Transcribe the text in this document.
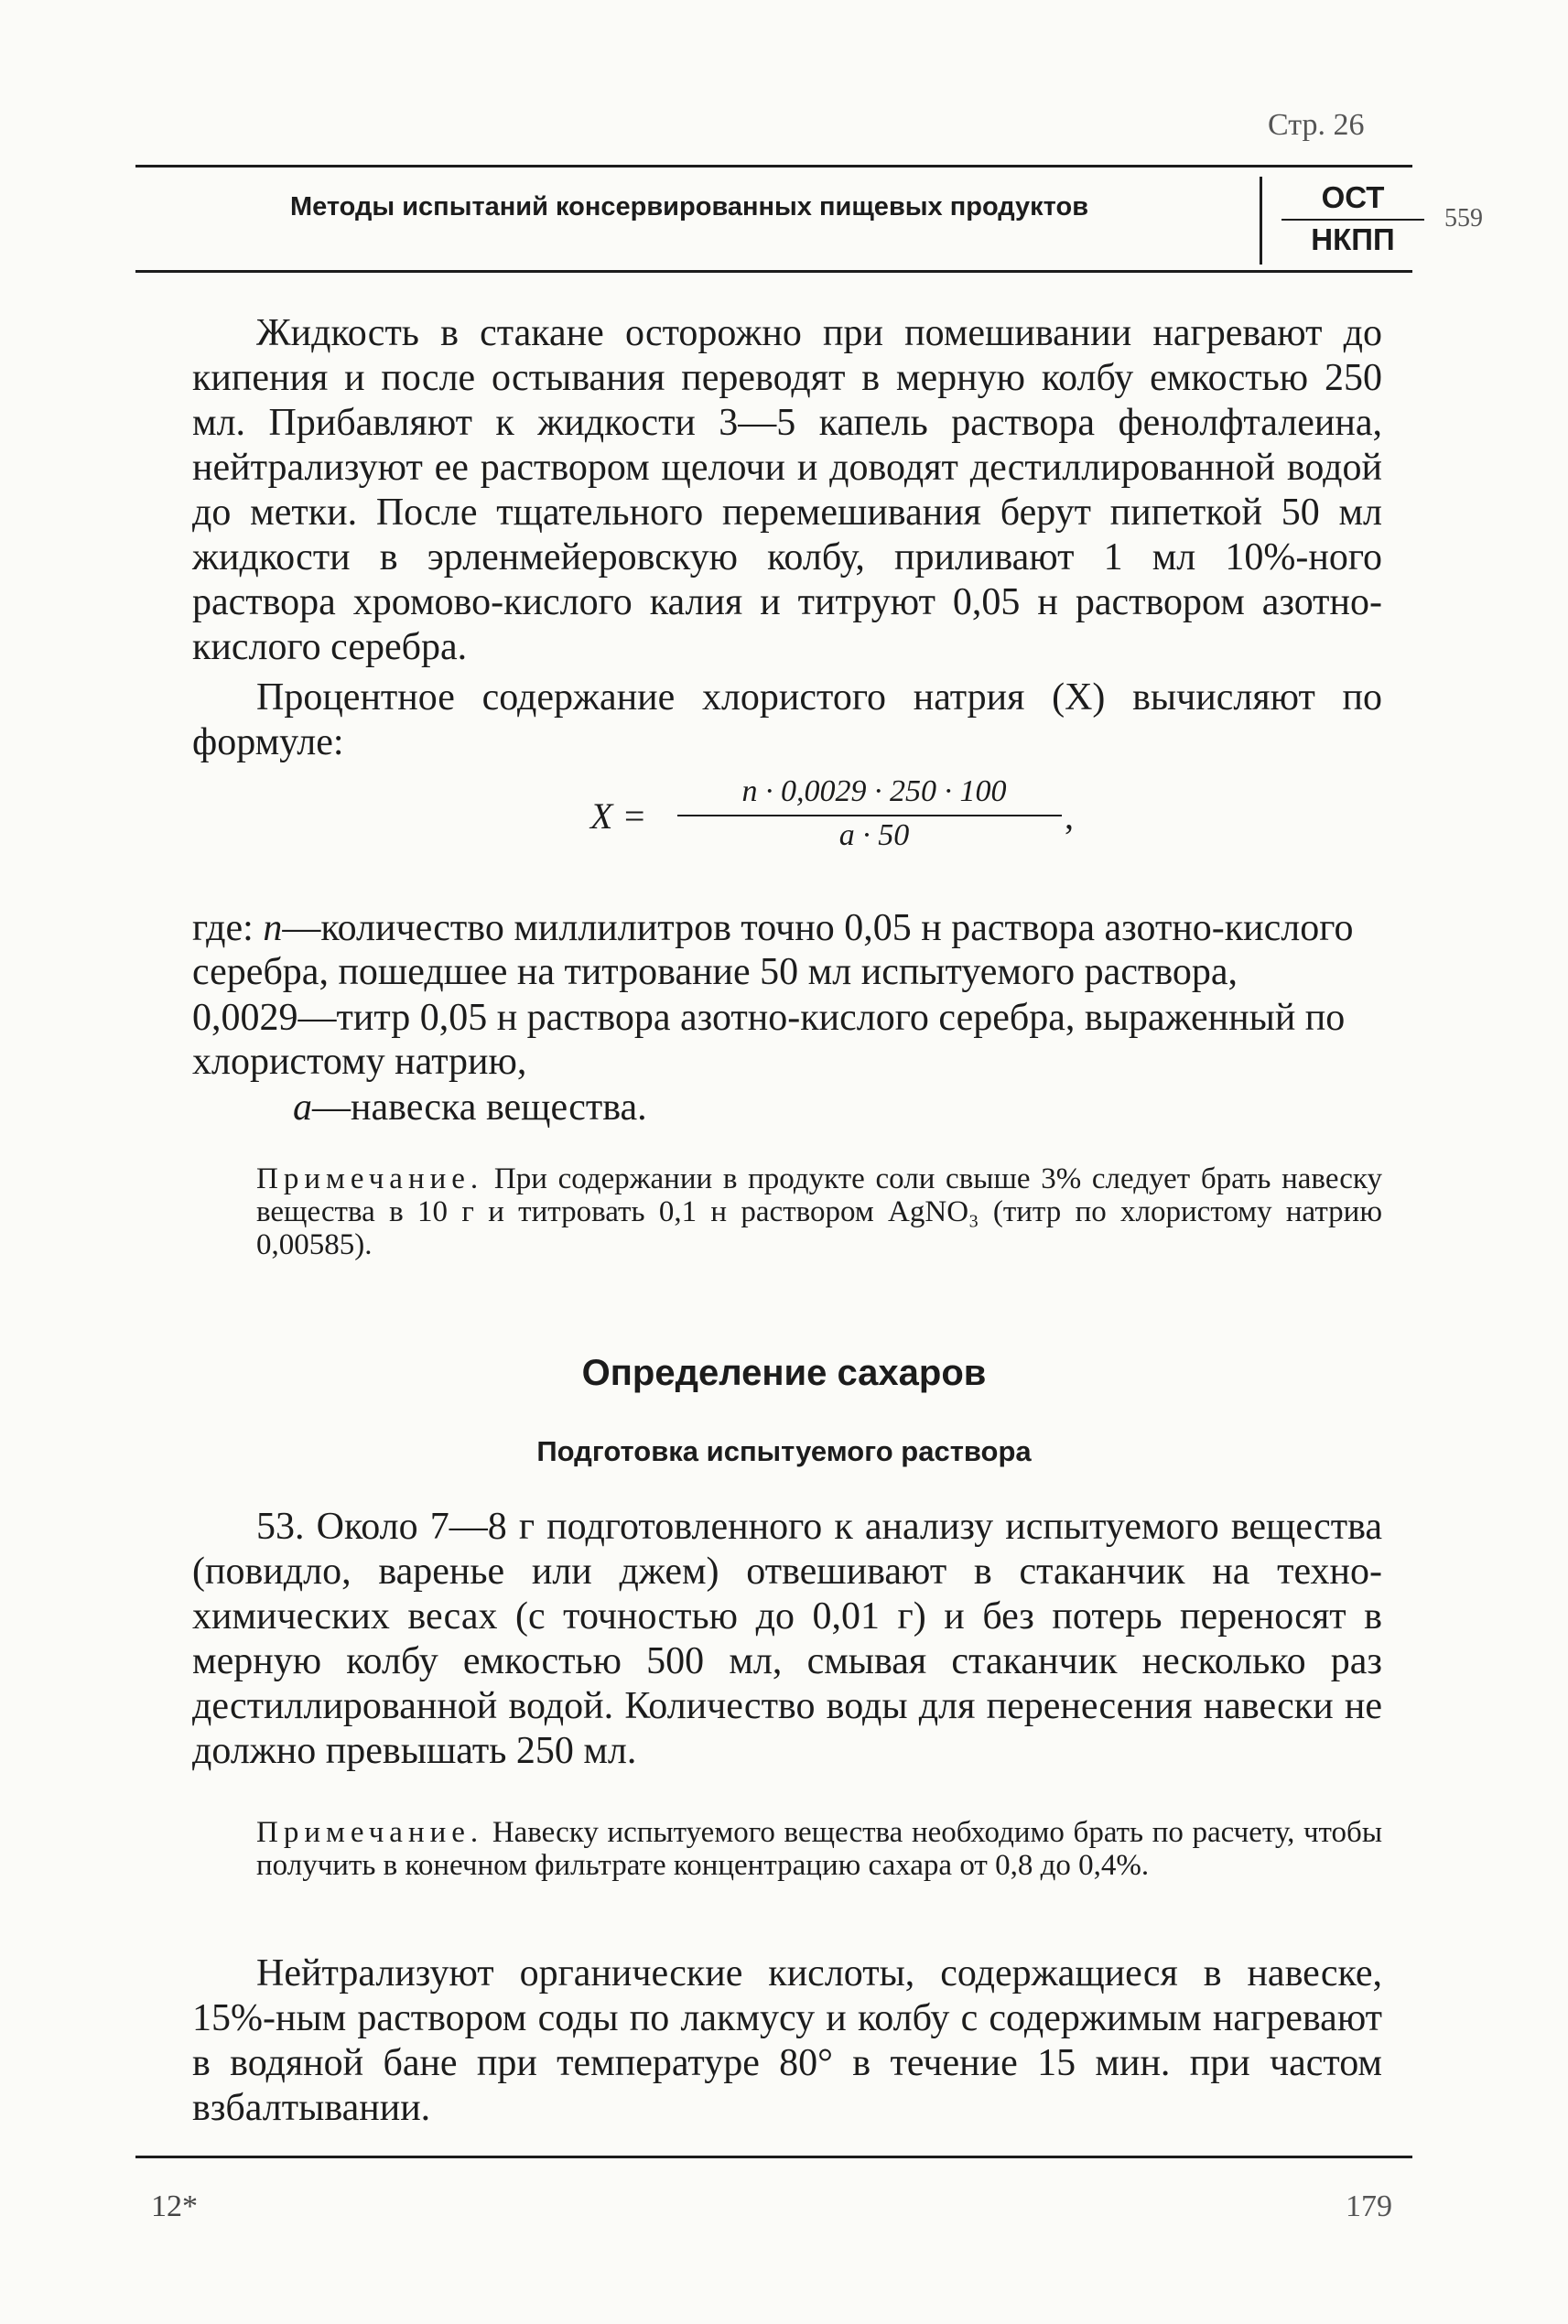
Стр. 26
Методы испытаний консервированных пищевых продуктов	ОСТ
НКПП
559

Жидкость в стакане осторожно при помешивании нагревают до кипения и после остывания переводят в мерную колбу емкостью 250 мл. Прибавляют к жидкости 3—5 капель раствора фенолфталеина, нейтрализуют ее раствором щелочи и доводят дестиллированной водой до метки. После тщательного перемешивания берут пипеткой 50 мл жидкости в эрленмейеровскую колбу, приливают 1 мл 10%-ного раствора хромово-кислого калия и титруют 0,05 н раствором азотно-кислого серебра.

Процентное содержание хлористого натрия (X) вычисляют по формуле:

X =
n · 0,0029 · 250 · 100
a · 50	,
где: n—количество миллилитров точно 0,05 н раствора азотно-кислого серебра, пошедшее на титрование 50 мл испытуемого раствора,
0,0029—титр 0,05 н раствора азотно-кислого серебра, выраженный по хлористому натрию,
a—навеска вещества.
Примечание. При содержании в продукте соли свыше 3% следует брать навеску вещества в 10 г и титровать 0,1 н раствором AgNO₃ (титр по хлористому натрию 0,00585).
Определение сахаров
Подготовка испытуемого раствора

53. Около 7—8 г подготовленного к анализу испытуемого вещества (повидло, варенье или джем) отвешивают в стаканчик на техно-химических весах (с точностью до 0,01 г) и без потерь переносят в мерную колбу емкостью 500 мл, смывая стаканчик несколько раз дестиллированной водой. Количество воды для перенесения навески не должно превышать 250 мл.

Примечание. Навеску испытуемого вещества необходимо брать по расчету, чтобы получить в конечном фильтрате концентрацию сахара от 0,8 до 0,4%.

Нейтрализуют органические кислоты, содержащиеся в навеске, 15%-ным раствором соды по лакмусу и колбу с содержимым нагревают в водяной бане при температуре 80° в течение 15 мин. при частом взбалтывании.

12*	179
